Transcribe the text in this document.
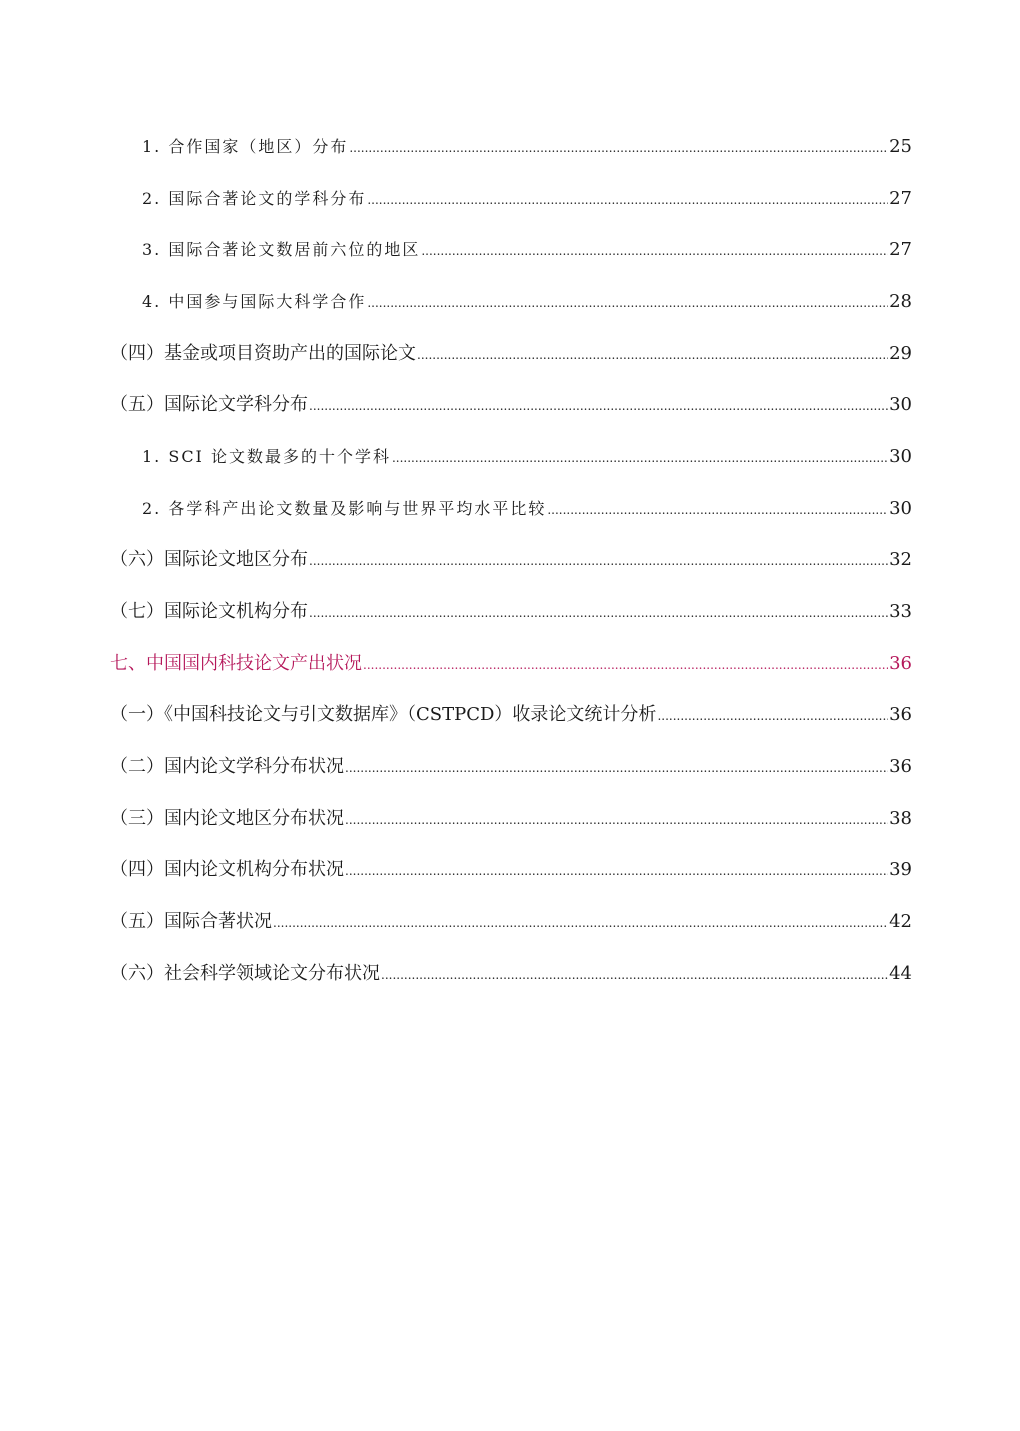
1. 合作国家（地区）分布 .....	25
2. 国际合著论文的学科分布 .....	27
3. 国际合著论文数居前六位的地区 .....	27
4. 中国参与国际大科学合作 .....	28
（四）基金或项目资助产出的国际论文 .....	29
（五）国际论文学科分布 .....	30
1. SCI 论文数最多的十个学科 .....	30
2. 各学科产出论文数量及影响与世界平均水平比较 .....	30
（六）国际论文地区分布 .....	32
（七）国际论文机构分布 .....	33
七、中国国内科技论文产出状况 .....	36
（一）《中国科技论文与引文数据库》（CSTPCD）收录论文统计分析 .....	36
（二）国内论文学科分布状况 .....	36
（三）国内论文地区分布状况 .....	38
（四）国内论文机构分布状况 .....	39
（五）国际合著状况 .....	42
（六）社会科学领域论文分布状况 .....	44
